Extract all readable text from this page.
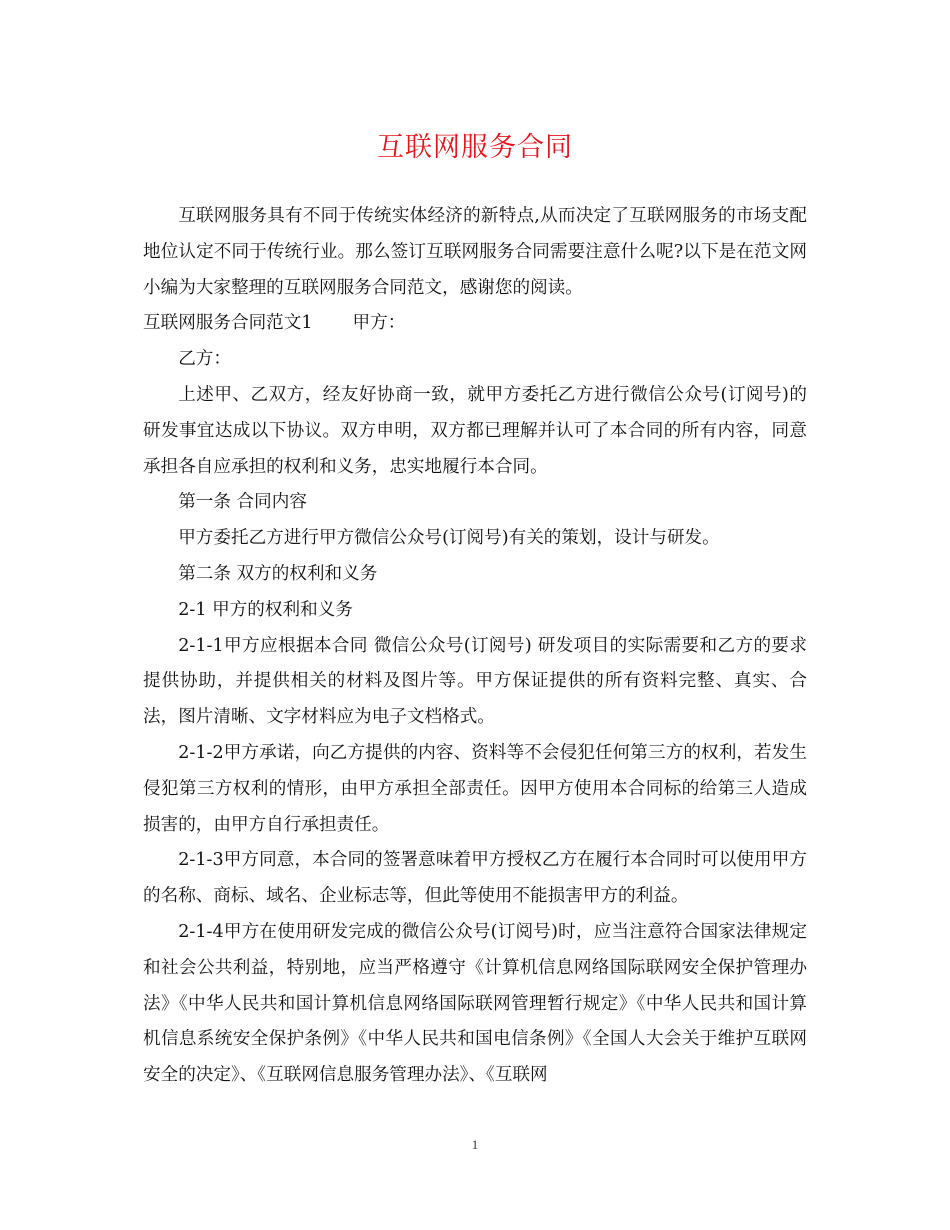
互联网服务合同

互联网服务具有不同于传统实体经济的新特点,从而决定了互联网服务的市场支配地位认定不同于传统行业。那么签订互联网服务合同需要注意什么呢?以下是在范文网小编为大家整理的互联网服务合同范文，感谢您的阅读。

互联网服务合同范文1 甲方：

乙方：

上述甲、乙双方，经友好协商一致，就甲方委托乙方进行微信公众号(订阅号)的研发事宜达成以下协议。双方申明，双方都已理解并认可了本合同的所有内容，同意承担各自应承担的权利和义务，忠实地履行本合同。

第一条 合同内容

甲方委托乙方进行甲方微信公众号(订阅号)有关的策划，设计与研发。

第二条 双方的权利和义务

2-1 甲方的权利和义务

2-1-1甲方应根据本合同 微信公众号(订阅号) 研发项目的实际需要和乙方的要求提供协助，并提供相关的材料及图片等。甲方保证提供的所有资料完整、真实、合法，图片清晰、文字材料应为电子文档格式。

2-1-2甲方承诺，向乙方提供的内容、资料等不会侵犯任何第三方的权利，若发生侵犯第三方权利的情形，由甲方承担全部责任。因甲方使用本合同标的给第三人造成损害的，由甲方自行承担责任。

2-1-3甲方同意，本合同的签署意味着甲方授权乙方在履行本合同时可以使用甲方的名称、商标、域名、企业标志等，但此等使用不能损害甲方的利益。

2-1-4甲方在使用研发完成的微信公众号(订阅号)时，应当注意符合国家法律规定和社会公共利益，特别地，应当严格遵守《计算机信息网络国际联网安全保护管理办法》《中华人民共和国计算机信息网络国际联网管理暂行规定》《中华人民共和国计算机信息系统安全保护条例》《中华人民共和国电信条例》《全国人大会关于维护互联网安全的决定》、《互联网信息服务管理办法》、《互联网

1
